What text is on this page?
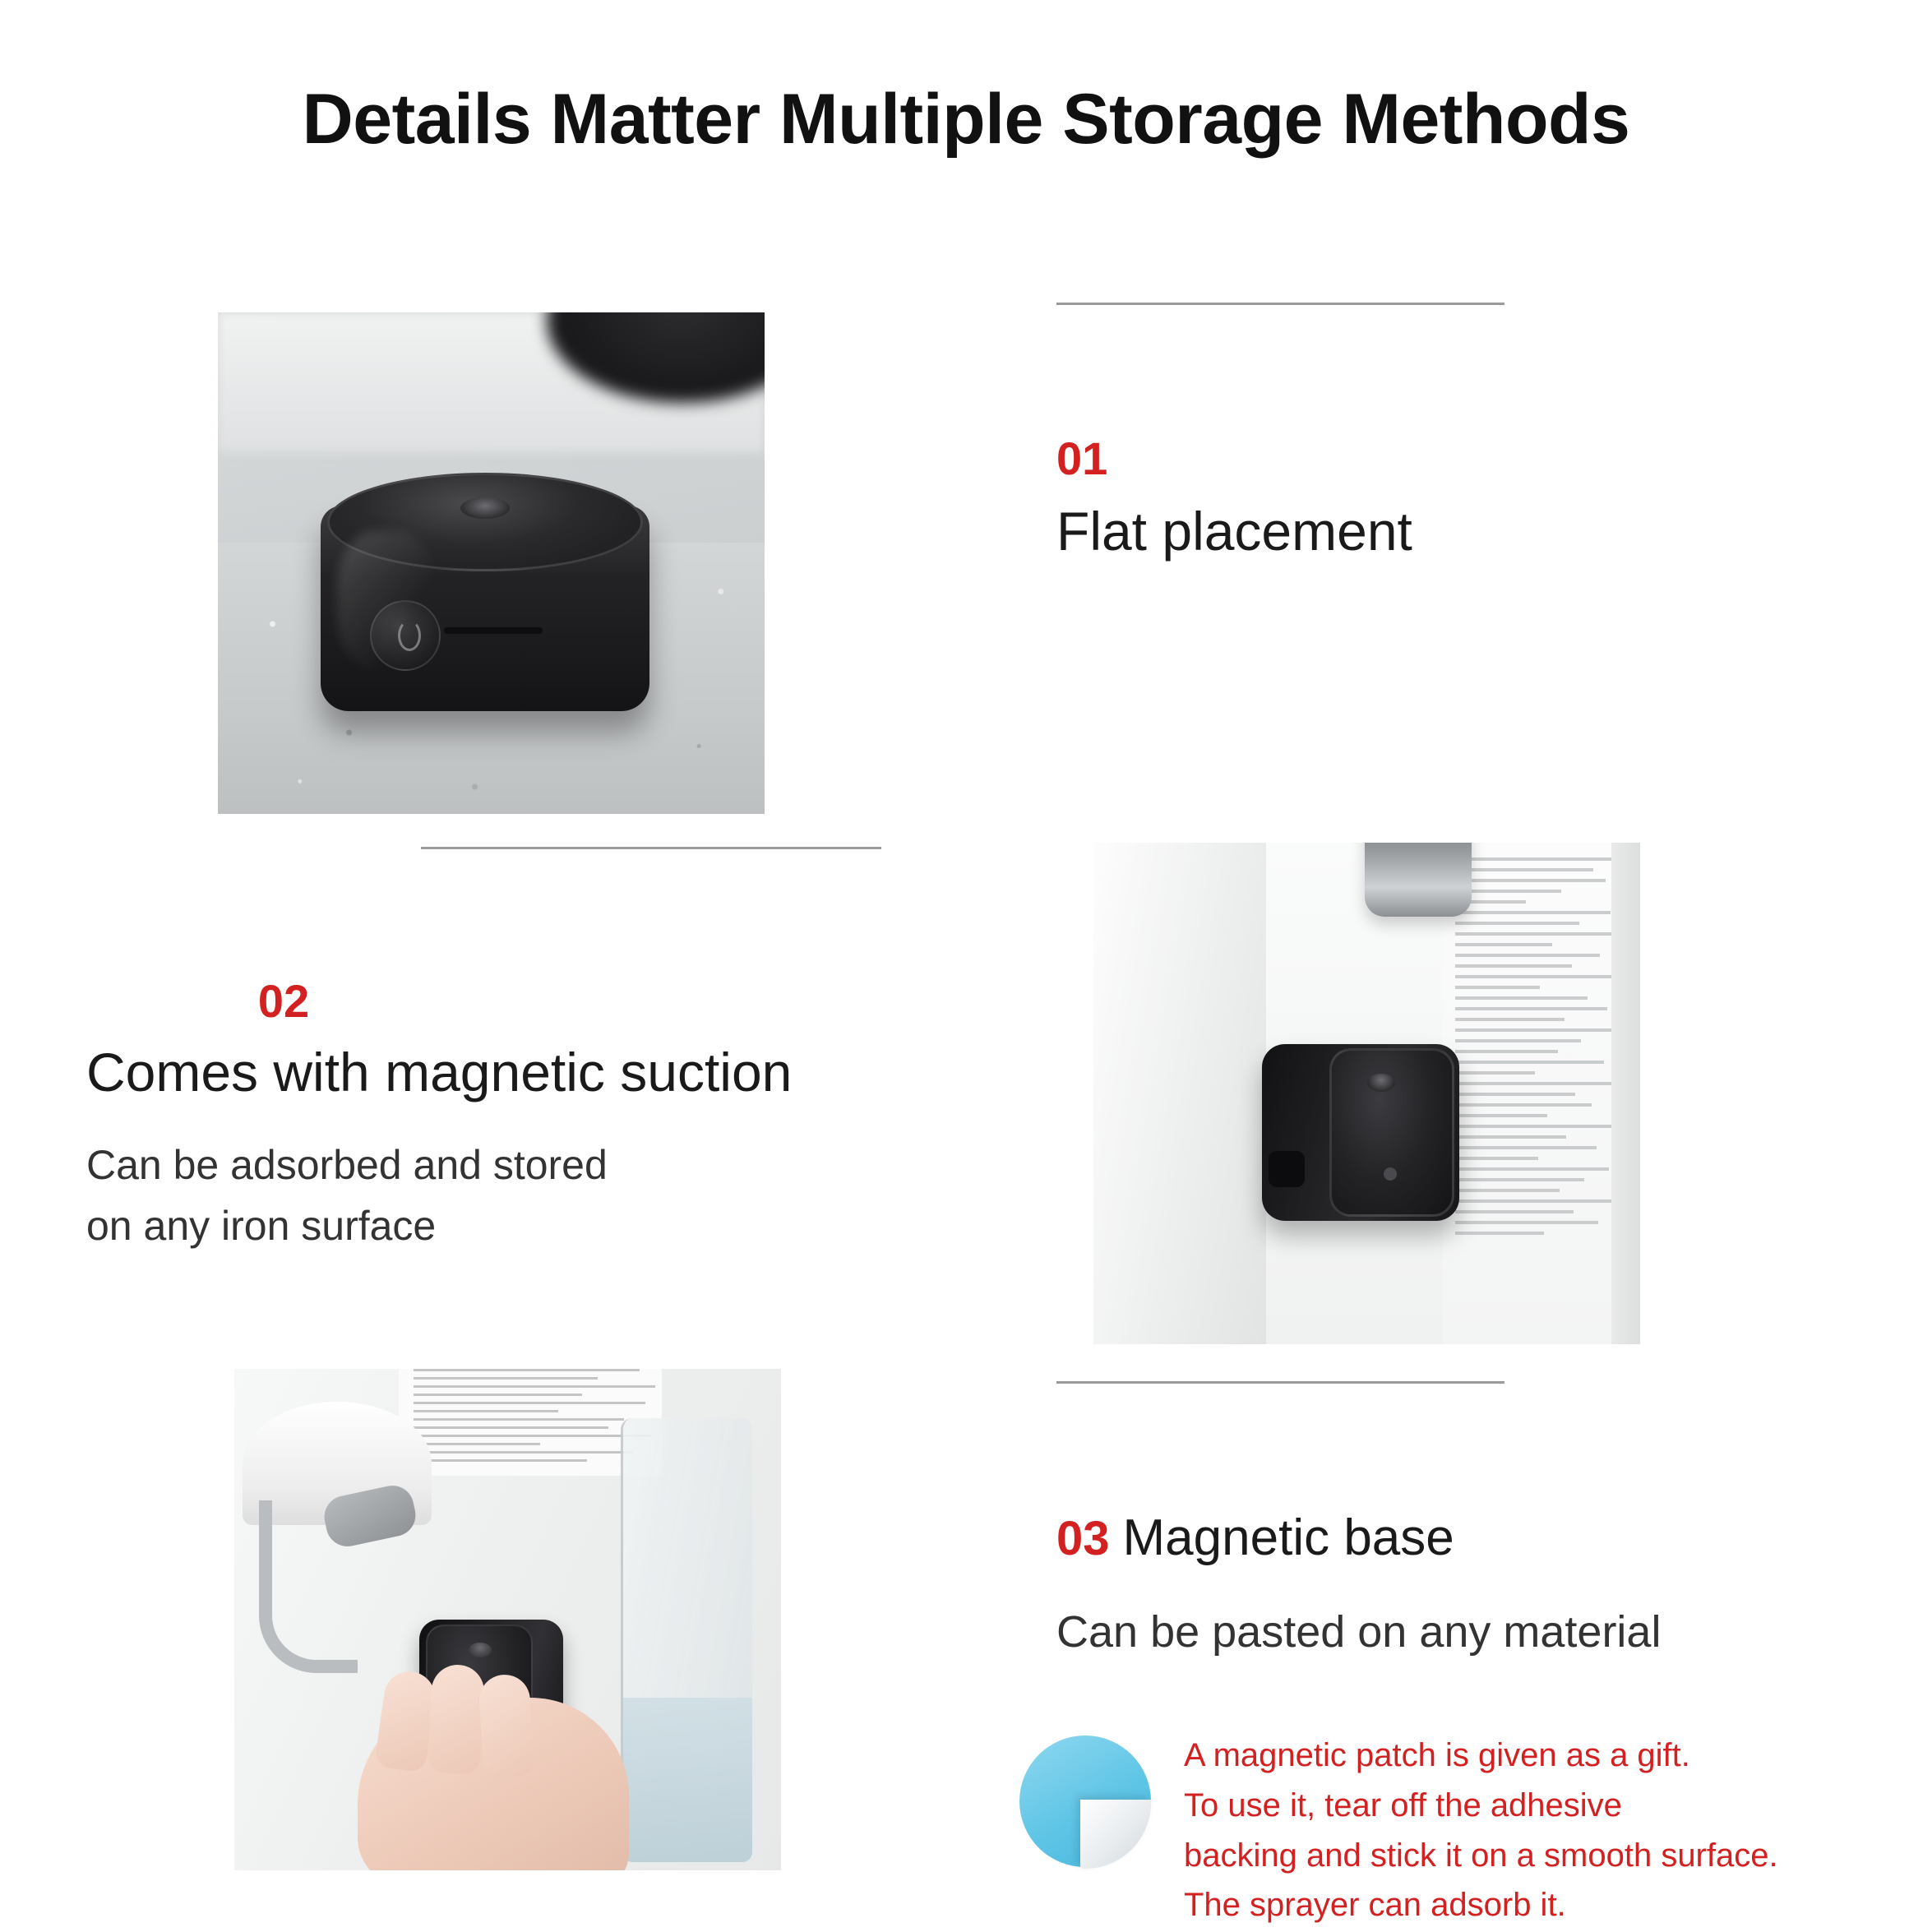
Details Matter Multiple Storage Methods
01
Flat placement
02
Comes with magnetic suction
Can be adsorbed and stored
on any iron surface
03 Magnetic base
Can be pasted on any material
A magnetic patch is given as a gift.
To use it, tear off the adhesive
backing and stick it on a smooth surface.
The sprayer can adsorb it.
